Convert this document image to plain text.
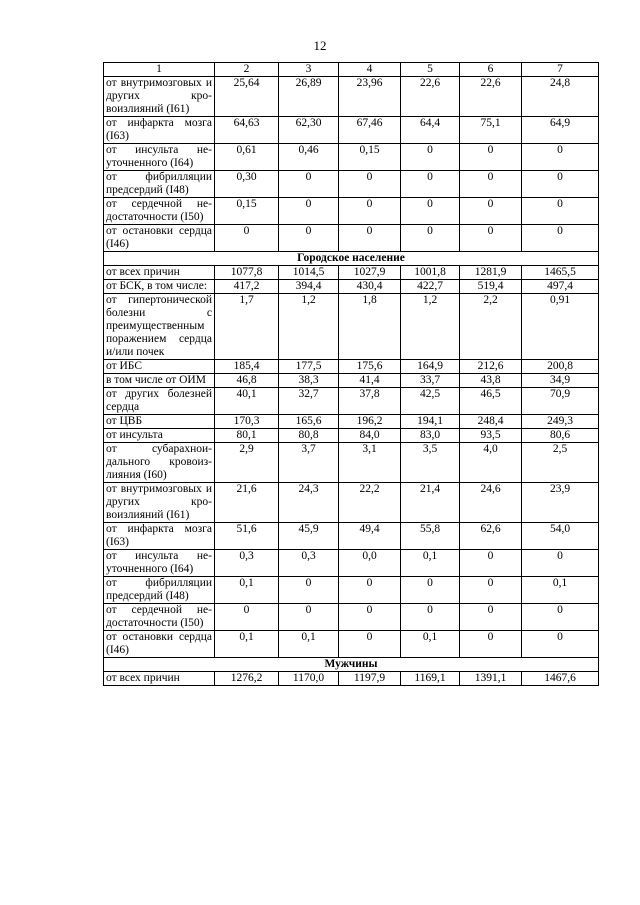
12
1	2	3	4	5	6	7
от внутримозговых и других кровоизлияний (I61)	25,64	26,89	23,96	22,6	22,6	24,8
от инфаркта мозга (I63)	64,63	62,30	67,46	64,4	75,1	64,9
от инсульта неуточненного (I64)	0,61	0,46	0,15	0	0	0
от фибрилляции предсердий (I48)	0,30	0	0	0	0	0
от сердечной недостаточности (I50)	0,15	0	0	0	0	0
от остановки сердца (I46)	0	0	0	0	0	0
Городское население						
от всех причин	1077,8	1014,5	1027,9	1001,8	1281,9	1465,5
от БСК, в том числе:	417,2	394,4	430,4	422,7	519,4	497,4
от гипертонической болезни с преимущественным поражением сердца и/или почек	1,7	1,2	1,8	1,2	2,2	0,91
от ИБС	185,4	177,5	175,6	164,9	212,6	200,8
в том числе от ОИМ	46,8	38,3	41,4	33,7	43,8	34,9
от других болезней сердца	40,1	32,7	37,8	42,5	46,5	70,9
от ЦВБ	170,3	165,6	196,2	194,1	248,4	249,3
от инсульта	80,1	80,8	84,0	83,0	93,5	80,6
от субарахноидального кровоизлияния (I60)	2,9	3,7	3,1	3,5	4,0	2,5
от внутримозговых и других кровоизлияний (I61)	21,6	24,3	22,2	21,4	24,6	23,9
от инфаркта мозга (I63)	51,6	45,9	49,4	55,8	62,6	54,0
от инсульта неуточненного (I64)	0,3	0,3	0,0	0,1	0	0
от фибрилляции предсердий (I48)	0,1	0	0	0	0	0,1
от сердечной недостаточности (I50)	0	0	0	0	0	0
от остановки сердца (I46)	0,1	0,1	0	0,1	0	0
Мужчины						
от всех причин	1276,2	1170,0	1197,9	1169,1	1391,1	1467,6
